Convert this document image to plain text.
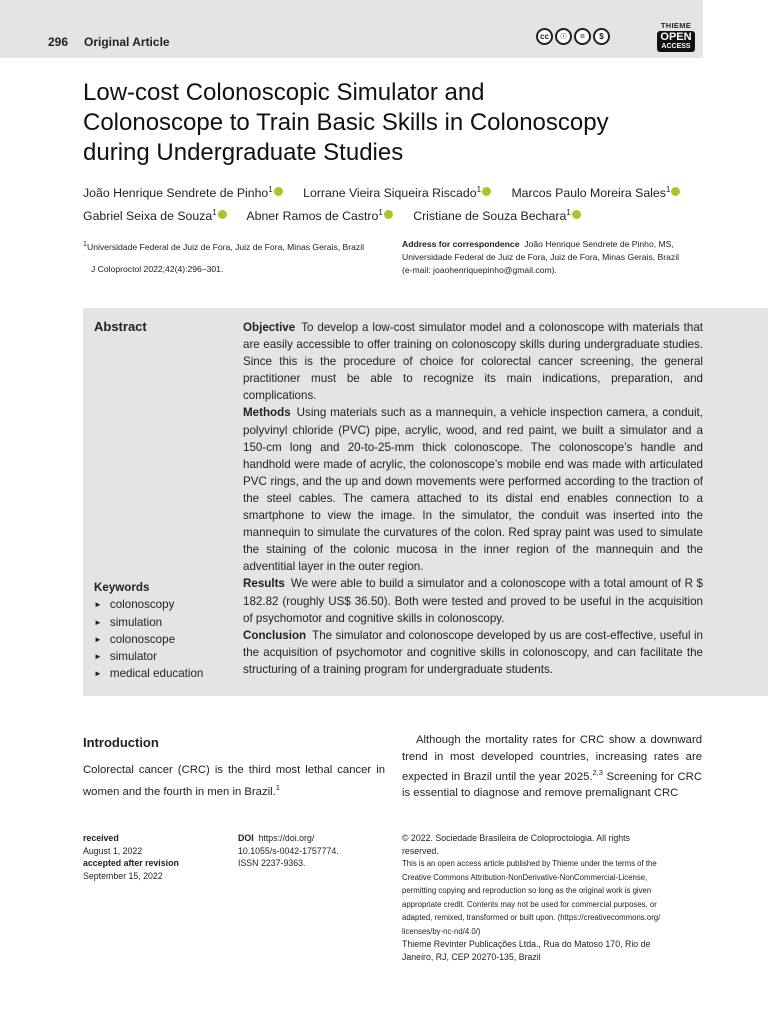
296 Original Article	cc	☉	=	$
THIEME
OPEN
ACCESS
Low-cost Colonoscopic Simulator and
Colonoscope to Train Basic Skills in Colonoscopy
during Undergraduate Studies
João Henrique Sendrete de Pinho$^1$ Lorrane Vieira Siqueira Riscado$^1$ Marcos Paulo Moreira Sales$^1$
Gabriel Seixa de Souza$^1$ Abner Ramos de Castro$^1$ Cristiane de Souza Bechara$^1$
$^1$Universidade Federal de Juiz de Fora, Juiz de Fora, Minas Gerais, Brazil
J Coloproctol 2022;42(4):296–301.
Address for correspondence João Henrique Sendrete de Pinho, MS,
Universidade Federal de Juiz de Fora, Juiz de Fora, Minas Gerais, Brazil
(e-mail: joaohenriquepinho@gmail.com).
Abstract	Objective To develop a low-cost simulator model and a colonoscope with materials that are easily accessible to offer training on colonoscopy skills during undergraduate studies. Since this is the procedure of choice for colorectal cancer screening, the general practitioner must be able to recognize its main indications, preparation, and complications.

Methods Using materials such as a mannequin, a vehicle inspection camera, a conduit, polyvinyl chloride (PVC) pipe, acrylic, wood, and red paint, we built a simulator and a 150-cm long and 20-to-25-mm thick colonoscope. The colonoscope’s handle and handhold were made of acrylic, the colonoscope’s mobile end was made with articulated PVC rings, and the up and down movements were performed according to the traction of the steel cables. The camera attached to its distal end enables connection to a smartphone to view the image. In the simulator, the conduit was inserted into the mannequin to simulate the curvatures of the colon. Red spray paint was used to simulate the staining of the colonic mucosa in the inner region of the mannequin and the adventitial layer in the outer region.

Results We were able to build a simulator and a colonoscope with a total amount of R $ 182.82 (roughly US$ 36.50). Both were tested and proved to be useful in the acquisition of psychomotor and cognitive skills in colonoscopy.

Conclusion The simulator and colonoscope developed by us are cost-effective, useful in the acquisition of psychomotor and cognitive skills in colonoscopy, and can facilitate the structuring of a training program for undergraduate students.

Keywords
► colonoscopy
► simulation
► colonoscope
► simulator
► medical education
Introduction

Colorectal cancer (CRC) is the third most lethal cancer in women and the fourth in men in Brazil.$^1$

Although the mortality rates for CRC show a downward trend in most developed countries, increasing rates are expected in Brazil until the year 2025.$^{2,3}$ Screening for CRC is essential to diagnose and remove premalignant CRC

received
August 1, 2022
accepted after revision
September 15, 2022
DOI https://doi.org/
10.1055/s-0042-1757774.
ISSN 2237-9363.
© 2022. Sociedade Brasileira de Coloproctologia. All rights
reserved.
This is an open access article published by Thieme under the terms of the
Creative Commons Attribution-NonDerivative-NonCommercial-License,
permitting copying and reproduction so long as the original work is given
appropriate credit. Contents may not be used for commercial purposes, or
adapted, remixed, transformed or built upon. (https://creativecommons.org/
licenses/by-nc-nd/4.0/)
Thieme Revinter Publicações Ltda., Rua do Matoso 170, Rio de
Janeiro, RJ, CEP 20270-135, Brazil
